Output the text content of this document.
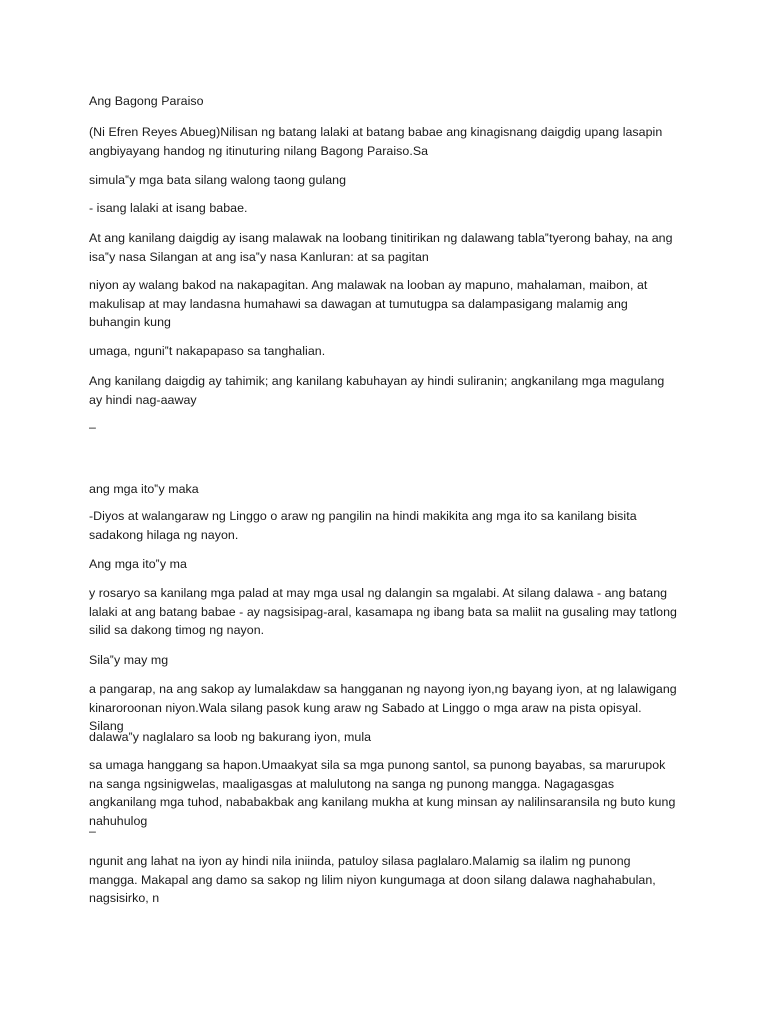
Ang Bagong Paraiso

(Ni Efren Reyes Abueg)Nilisan ng batang lalaki at batang babae ang kinagisnang daigdig upang lasapin angbiyayang handog ng itinuturing nilang Bagong Paraiso.Sa

simula‟y mga bata silang walong taong gulang

- isang lalaki at isang babae.

At ang kanilang daigdig ay isang malawak na loobang tinitirikan ng dalawang tabla‟tyerong bahay, na ang isa‟y nasa Silangan at ang isa‟y nasa Kanluran: at sa pagitan

niyon ay walang bakod na nakapagitan. Ang malawak na looban ay mapuno, mahalaman, maibon, at makulisap at may landasna humahawi sa dawagan at tumutugpa sa dalampasigang malamig ang buhangin kung

umaga, nguni‟t nakapapaso sa tanghalian.

Ang kanilang daigdig ay tahimik; ang kanilang kabuhayan ay hindi suliranin; angkanilang mga magulang ay hindi nag-aaway

–

ang mga ito‟y maka

-Diyos at walangaraw ng Linggo o araw ng pangilin na hindi makikita ang mga ito sa kanilang bisita sadakong hilaga ng nayon.

Ang mga ito‟y ma

y rosaryo sa kanilang mga palad at may mga usal ng dalangin sa mgalabi. At silang dalawa - ang batang lalaki at ang batang babae - ay nagsisipag-aral, kasamapa ng ibang bata sa maliit na gusaling may tatlong silid sa dakong timog ng nayon.

Sila‟y may mg

a pangarap, na ang sakop ay lumalakdaw sa hangganan ng nayong iyon,ng bayang iyon, at ng lalawigang kinaroroonan niyon.Wala silang pasok kung araw ng Sabado at Linggo o mga araw na pista opisyal. Silang

dalawa‟y naglalaro sa loob ng bakurang iyon, mula

sa umaga hanggang sa hapon.Umaakyat sila sa mga punong santol, sa punong bayabas, sa marurupok na sanga ngsinigwelas, maaligasgas at malulutong na sanga ng punong mangga. Nagagasgas angkanilang mga tuhod, nababakbak ang kanilang mukha at kung minsan ay nalilinsaransila ng buto kung nahuhulog

–

ngunit ang lahat na iyon ay hindi nila iniinda, patuloy silasa paglalaro.Malamig sa ilalim ng punong mangga. Makapal ang damo sa sakop ng lilim niyon kungumaga at doon silang dalawa naghahabulan, nagsisirko, n
